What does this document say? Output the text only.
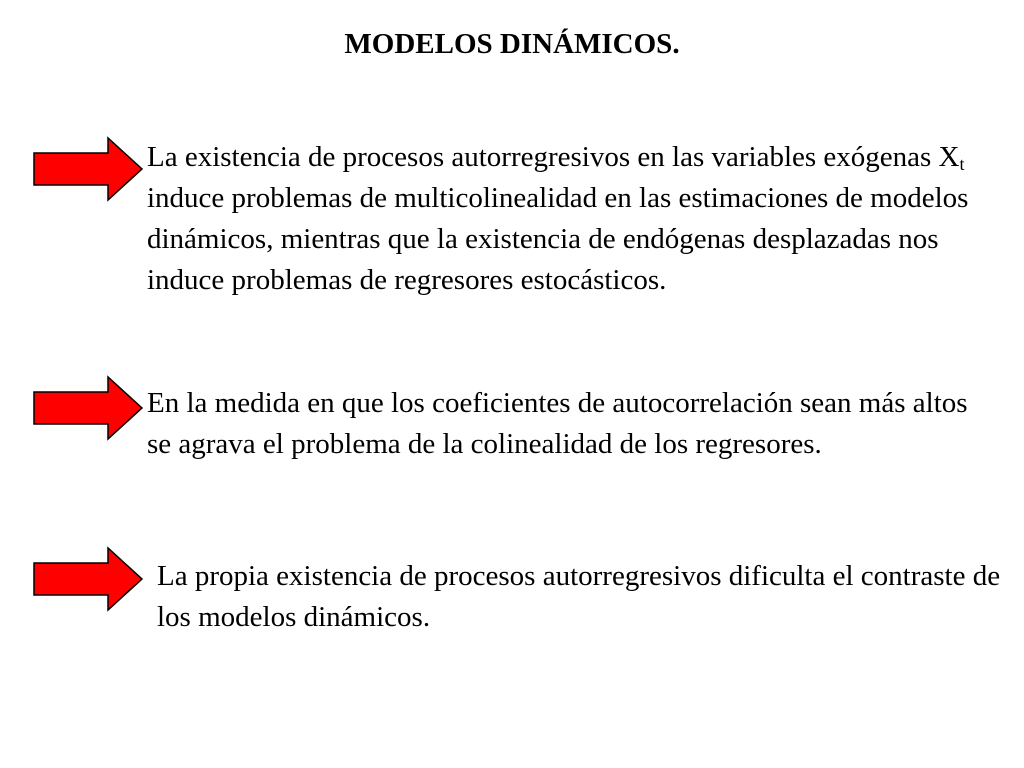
MODELOS DINÁMICOS.

La existencia de procesos autorregresivos en las variables exógenas $X_t$ induce problemas de multicolinealidad en las estimaciones de modelos dinámicos, mientras que la existencia de endógenas desplazadas nos induce problemas de regresores estocásticos.

En la medida en que los coeficientes de autocorrelación sean más altos se agrava el problema de la colinealidad de los regresores.

La propia existencia de procesos autorregresivos dificulta el contraste de los modelos dinámicos.
